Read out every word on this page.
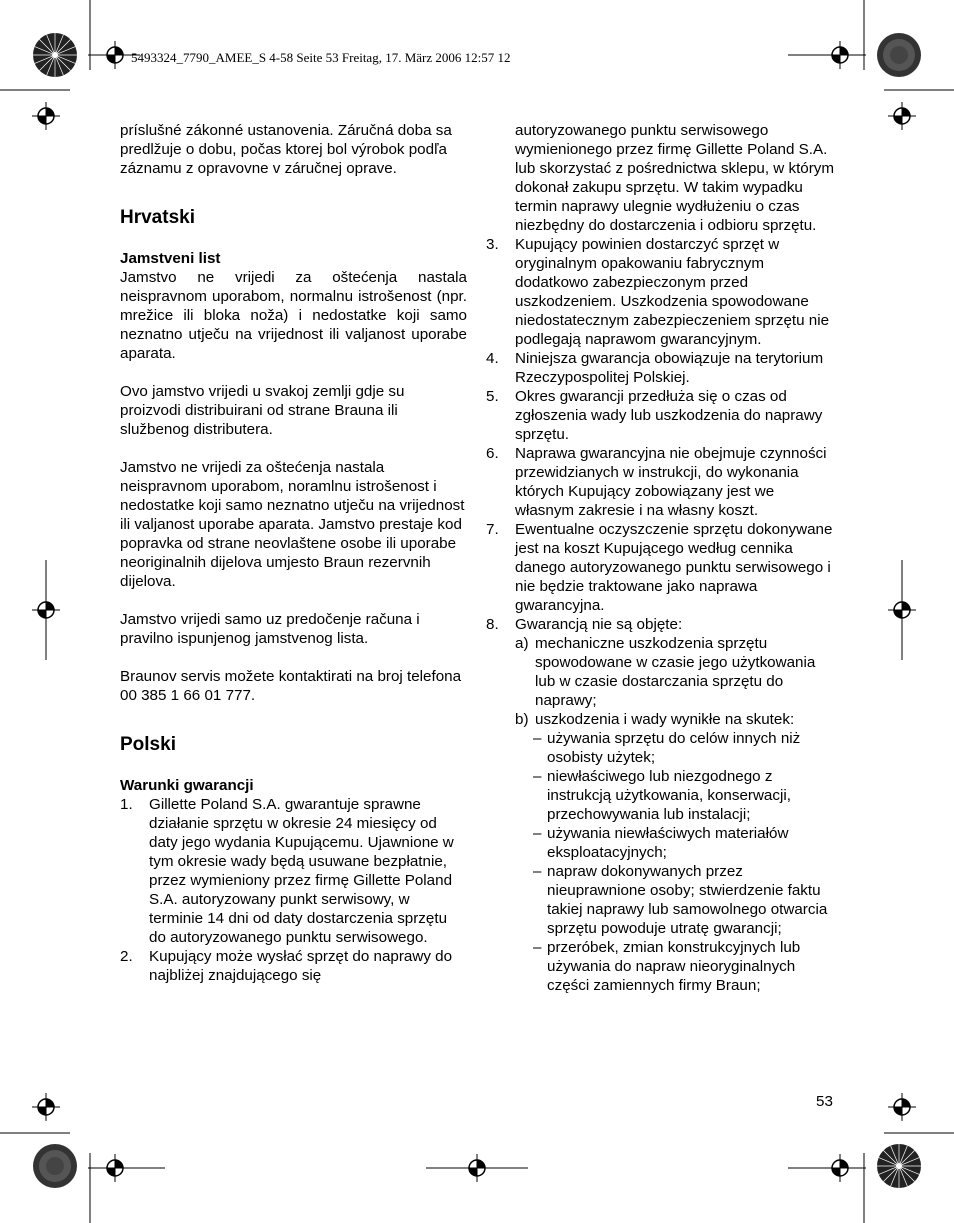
5493324_7790_AMEE_S 4-58 Seite 53 Freitag, 17. März 2006 12:57 12

príslušné zákonné ustanovenia. Záručná doba sa predlžuje o dobu, počas ktorej bol výrobok podľa záznamu z opravovne v záručnej oprave.

Hrvatski
Jamstveni list

Jamstvo ne vrijedi za oštećenja nastala neispravnom uporabom, normalnu istrošenost (npr. mrežice ili bloka noža) i nedostatke koji samo neznatno utječu na vrijednost ili valjanost uporabe aparata.

Ovo jamstvo vrijedi u svakoj zemlji gdje su proizvodi distribuirani od strane Brauna ili službenog distributera.

Jamstvo ne vrijedi za oštećenja nastala neispravnom uporabom, noramlnu istrošenost i nedostatke koji samo neznatno utječu na vrijednost ili valjanost uporabe aparata. Jamstvo prestaje kod popravka od strane neovlaštene osobe ili uporabe neoriginalnih dijelova umjesto Braun rezervnih dijelova.

Jamstvo vrijedi samo uz predočenje računa i pravilno ispunjenog jamstvenog lista.

Braunov servis možete kontaktirati na broj telefona 00 385 1 66 01 777.

Polski
Warunki gwarancji
1.	Gillette Poland S.A. gwarantuje sprawne działanie sprzętu w okresie 24 miesięcy od daty jego wydania Kupującemu. Ujawnione w tym okresie wady będą usuwane bezpłatnie, przez wymieniony przez firmę Gillette Poland S.A. autoryzowany punkt serwisowy, w terminie 14 dni od daty dostarczenia sprzętu do autoryzowanego punktu serwisowego.
2.	Kupujący może wysłać sprzęt do naprawy do najbliżej znajdującego się
autoryzowanego punktu serwisowego wymienionego przez firmę Gillette Poland S.A. lub skorzystać z pośrednictwa sklepu, w którym dokonał zakupu sprzętu. W takim wypadku termin naprawy ulegnie wydłużeniu o czas niezbędny do dostarczenia i odbioru sprzętu.
3.	Kupujący powinien dostarczyć sprzęt w oryginalnym opakowaniu fabrycznym dodatkowo zabezpieczonym przed uszkodzeniem. Uszkodzenia spowodowane niedostatecznym zabezpieczeniem sprzętu nie podlegają naprawom gwarancyjnym.
4.	Niniejsza gwarancja obowiązuje na terytorium Rzeczypospolitej Polskiej.
5.	Okres gwarancji przedłuża się o czas od zgłoszenia wady lub uszkodzenia do naprawy sprzętu.
6.	Naprawa gwarancyjna nie obejmuje czynności przewidzianych w instrukcji, do wykonania których Kupujący zobowiązany jest we własnym zakresie i na własny koszt.
7.	Ewentualne oczyszczenie sprzętu dokonywane jest na koszt Kupującego według cennika danego autoryzowanego punktu serwisowego i nie będzie traktowane jako naprawa gwarancyjna.
8.	Gwarancją nie są objęte:
a) mechaniczne uszkodzenia sprzętu spowodowane w czasie jego użytkowania lub w czasie dostarczania sprzętu do naprawy;
b) uszkodzenia i wady wynikłe na skutek:
– używania sprzętu do celów innych niż osobisty użytek;
– niewłaściwego lub niezgodnego z instrukcją użytkowania, konserwacji, przechowywania lub instalacji;
– używania niewłaściwych materiałów eksploatacyjnych;
– napraw dokonywanych przez nieuprawnione osoby; stwierdzenie faktu takiej naprawy lub samowolnego otwarcia sprzętu powoduje utratę gwarancji;
– przeróbek, zmian konstrukcyjnych lub używania do napraw nieoryginalnych części zamiennych firmy Braun;
53
